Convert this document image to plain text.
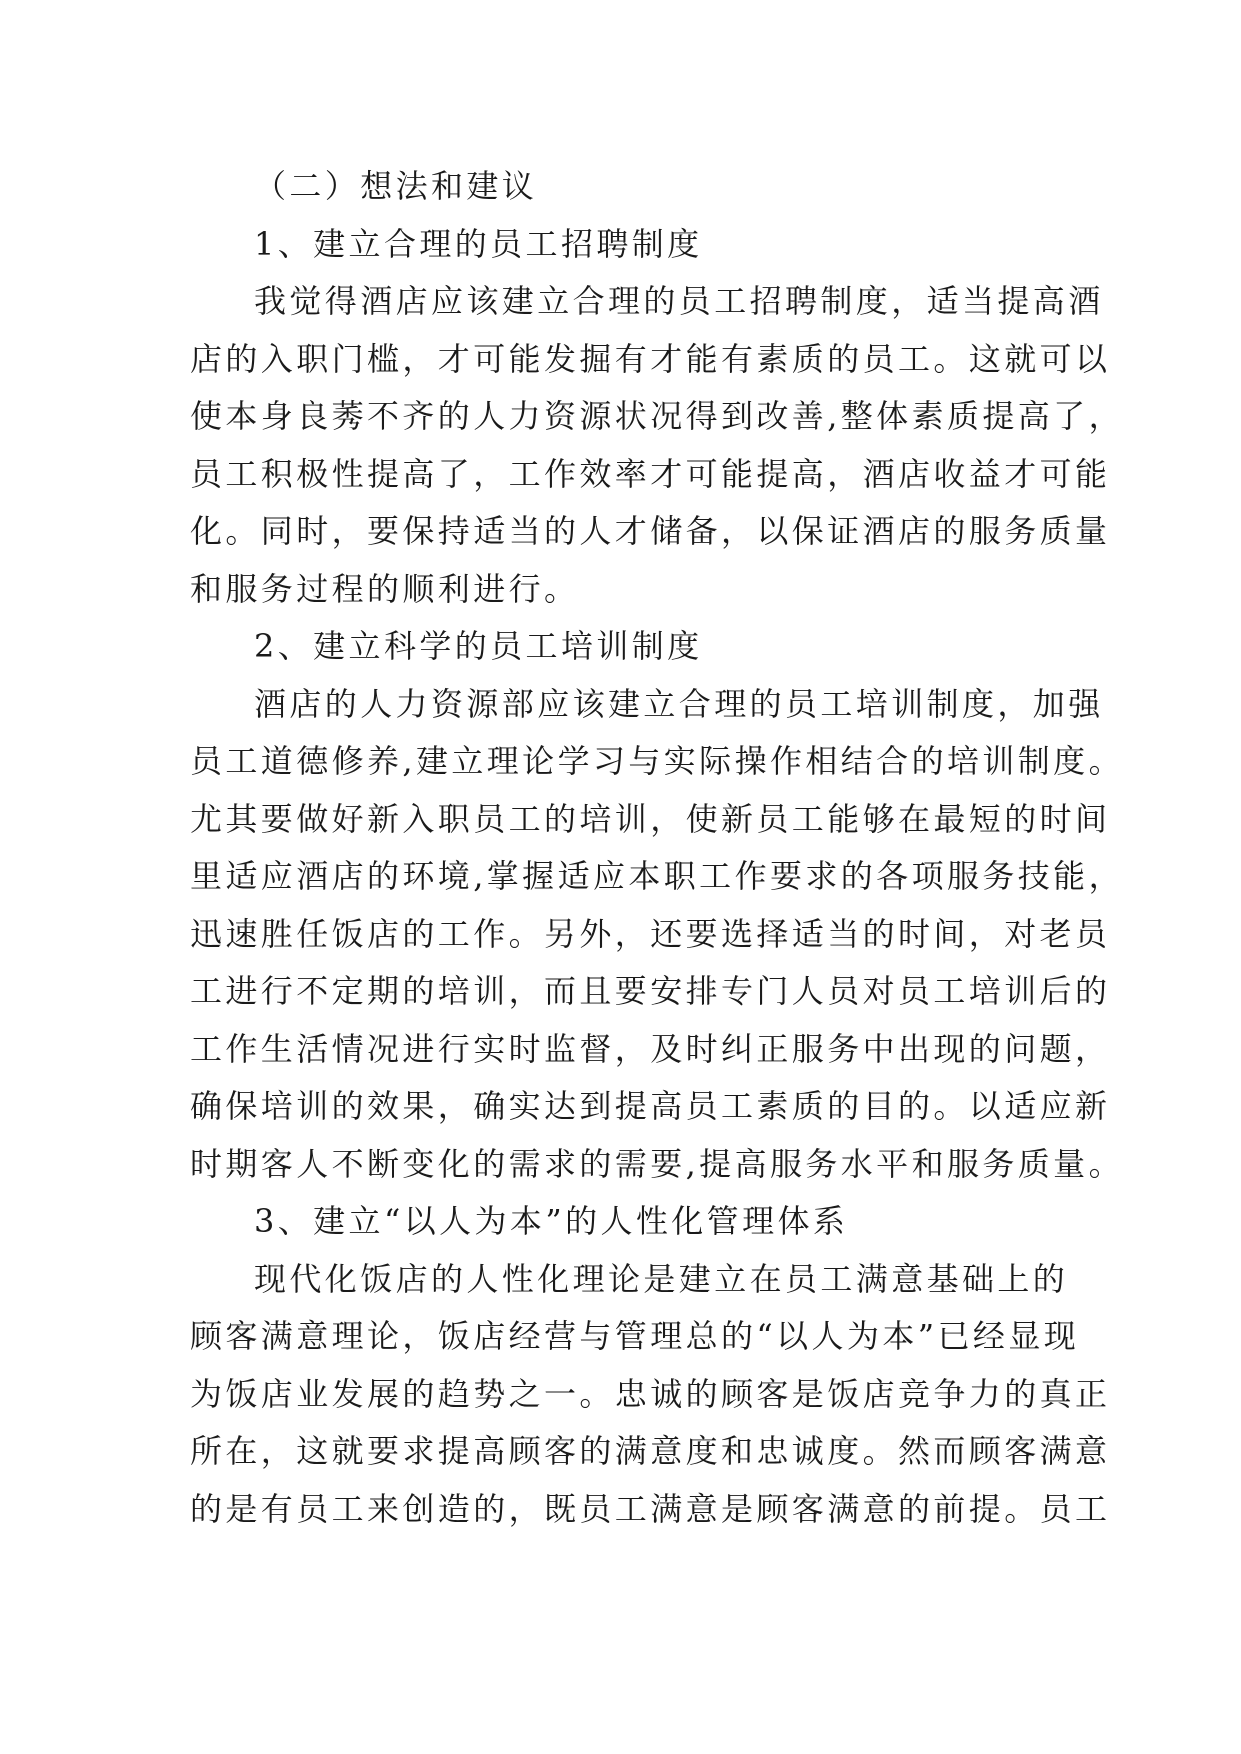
（二）想法和建议
1、建立合理的员工招聘制度
我觉得酒店应该建立合理的员工招聘制度，适当提高酒
店的入职门槛，才可能发掘有才能有素质的员工。这就可以
使本身良莠不齐的人力资源状况得到改善,整体素质提高了，
员工积极性提高了，工作效率才可能提高，酒店收益才可能
化。同时，要保持适当的人才储备，以保证酒店的服务质量
和服务过程的顺利进行。
2、建立科学的员工培训制度
酒店的人力资源部应该建立合理的员工培训制度，加强
员工道德修养,建立理论学习与实际操作相结合的培训制度。
尤其要做好新入职员工的培训，使新员工能够在最短的时间
里适应酒店的环境,掌握适应本职工作要求的各项服务技能，
迅速胜任饭店的工作。另外，还要选择适当的时间，对老员
工进行不定期的培训，而且要安排专门人员对员工培训后的
工作生活情况进行实时监督，及时纠正服务中出现的问题，
确保培训的效果，确实达到提高员工素质的目的。以适应新
时期客人不断变化的需求的需要,提高服务水平和服务质量。
3、建立“以人为本”的人性化管理体系
现代化饭店的人性化理论是建立在员工满意基础上的
顾客满意理论，饭店经营与管理总的“以人为本”已经显现
为饭店业发展的趋势之一。忠诚的顾客是饭店竞争力的真正
所在，这就要求提高顾客的满意度和忠诚度。然而顾客满意
的是有员工来创造的，既员工满意是顾客满意的前提。员工
